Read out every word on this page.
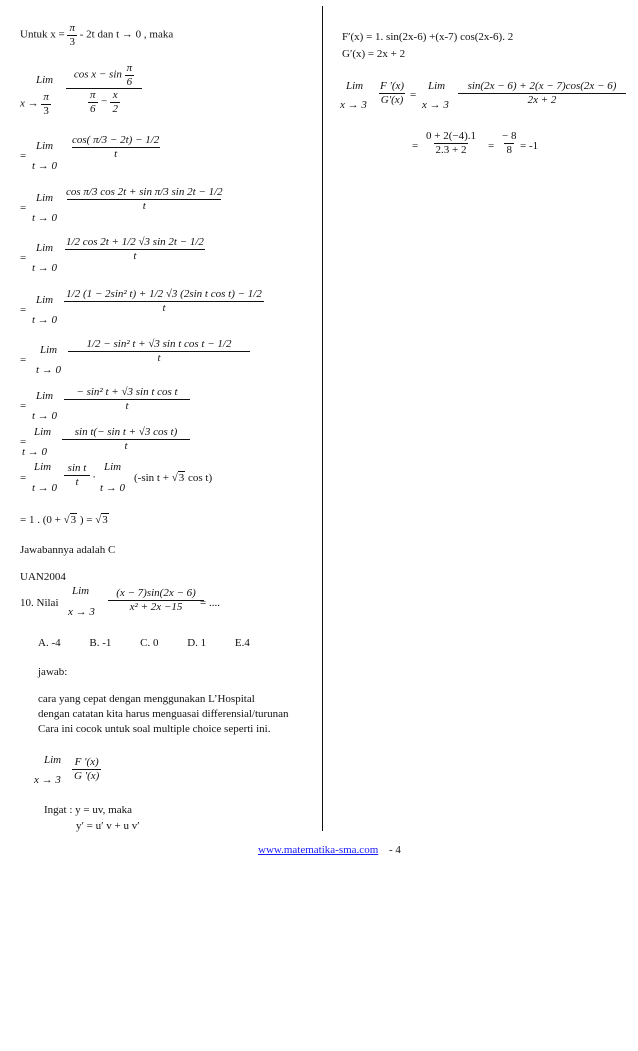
Untuk $x = \frac{\pi}{3} - 2t$ dan t → 0 , maka
Lim
$x \to \frac{\pi}{3}$
$\cos x - \sin \frac{\pi}{6}$
$\frac{\pi}{6} - \frac{x}{2}$
Lim
=
t → 0
$\frac{\cos( \pi/3 - 2t) - 1/2}{t}$
Lim
=
t → 0
$\frac{\text{cos π/3 cos 2t + sin π/3 sin 2t − 1/2}}{t}$
Lim
=
t → 0
$\frac{1/2 \cos 2t + 1/2 √3 \sin 2t - 1/2}{t}$
Lim
=
t → 0
$\frac{\text{1/2 (1 − 2sin² t) + 1/2 √3 (2sin t cos t) − 1/2}}{t}$
Lim
=
t → 0
$\frac{\text{1/2 − sin² t + √3 sin t cos t − 1/2}}{t}$
Lim
=
t → 0
$\frac{\text{− sin² t + √3 sin t cos t}}{t}$
Lim
=
$t \to 0 \frac{\text{sin t(− sin t + √3 cos t)}}{t}$
Lim
=
$t \to 0 \frac{\text{sin t}}{t}$ .
Lim
t → 0
(-sin t + √3 cos t)
= 1 . (0 + √3 ) = √3
Jawabannya adalah C
UAN2004
10. Nilai
Lim
$x \to 3 \frac{(x - 7)\sin(2x - 6)}{\text{x² + 2x −15}}$
= ....
A. -4	B. -1	C. 0	D. 1	E.4
jawab:
cara yang cepat dengan menggunakan L’Hospital
dengan catatan kita harus menguasai differensial/turunan
Cara ini cocok untuk soal multiple choice seperti ini.
Lim
$x \to 3 \frac{F '(x)}{G '(x)}$
Ingat : y = uv, maka
y′ = u′ v + u v′
F′(x) = 1. sin(2x-6) +(x-7) cos(2x-6). 2
G′(x) = 2x + 2
Lim
$x \to 3 \frac{F '(x)}{G'(x)}$ =
Lim
$x \to 3 \frac{\sin(2x - 6) + 2(x - 7)\cos(2x - 6)}{2x + 2}$
= $\frac{0 + 2(-4).1}{2.3 + 2} = \frac{- 8}{8} = -1$
www.matematika-sma.com - 4
